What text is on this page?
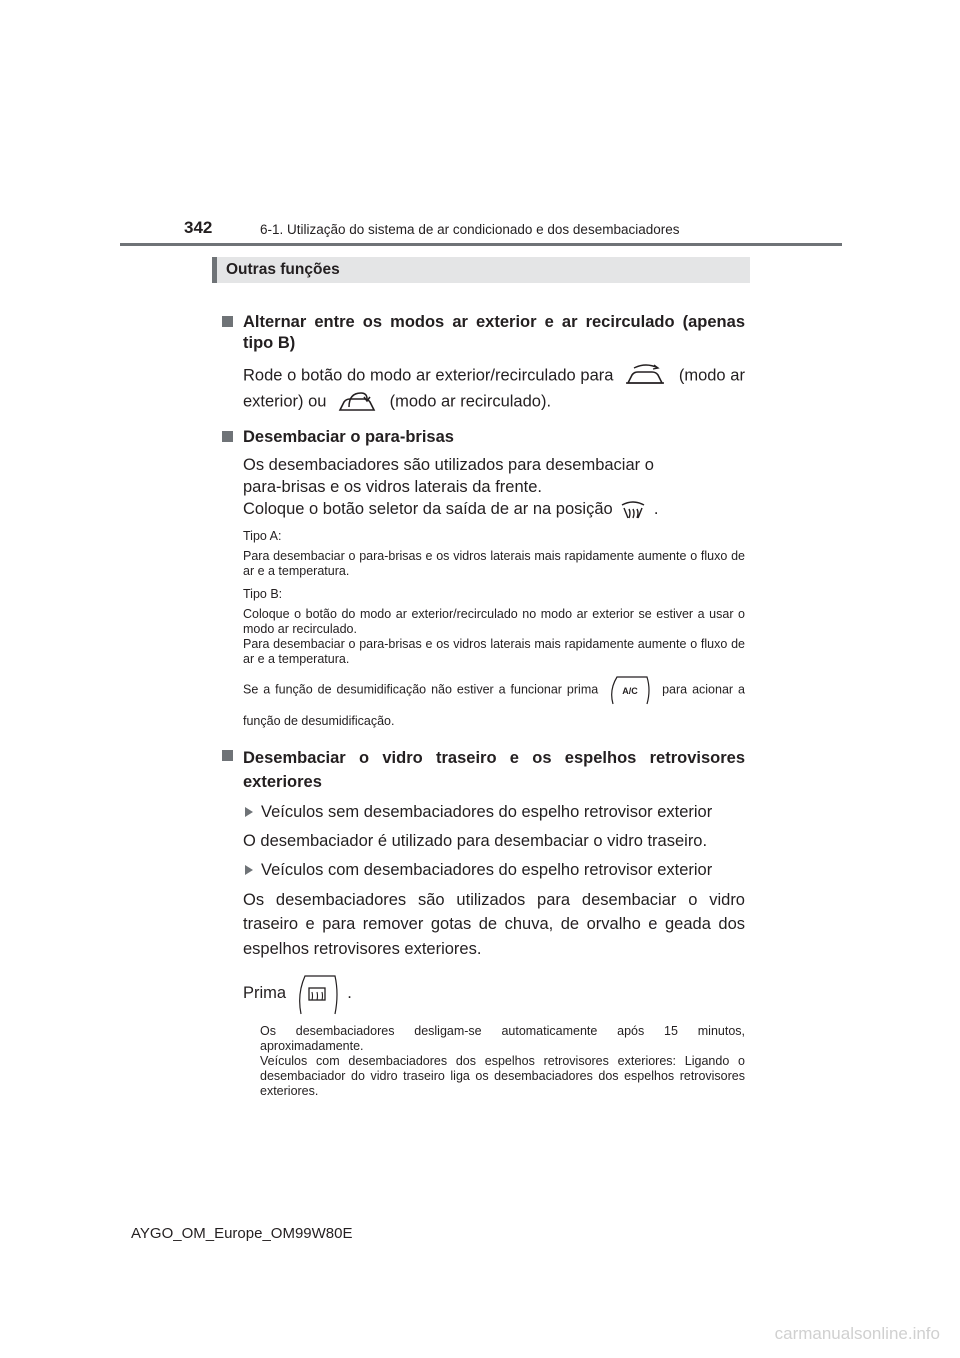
342	6-1. Utilização do sistema de ar condicionado e dos desembaciadores
Outras funções
Alternar entre os modos ar exterior e ar recirculado (apenas tipo B)
Rode o botão do modo ar exterior/recirculado para	(modo ar exterior) ou	(modo ar recirculado).
Desembaciar o para-brisas
Os desembaciadores são utilizados para desembaciar o
para-brisas e os vidros laterais da frente.
Coloque o botão seletor da saída de ar na posição .
Tipo A:
Para desembaciar o para-brisas e os vidros laterais mais rapidamente aumente o fluxo de ar e a temperatura.
Tipo B:
Coloque o botão do modo ar exterior/recirculado no modo ar exterior se estiver a usar o modo ar recirculado.
Para desembaciar o para-brisas e os vidros laterais mais rapidamente aumente o fluxo de ar e a temperatura.
Se a função de desumidificação não estiver a funcionar prima	A/C para acionar a função de desumidificação.
Desembaciar o vidro traseiro e os espelhos retrovisores exteriores
Veículos sem desembaciadores do espelho retrovisor exterior
O desembaciador é utilizado para desembaciar o vidro traseiro.
Veículos com desembaciadores do espelho retrovisor exterior
Os desembaciadores são utilizados para desembaciar o vidro traseiro e para remover gotas de chuva, de orvalho e geada dos espelhos retrovisores exteriores.
Prima	.
Os desembaciadores desligam-se automaticamente após 15 minutos, aproximadamente.
Veículos com desembaciadores dos espelhos retrovisores exteriores: Ligando o desembaciador do vidro traseiro liga os desembaciadores dos espelhos retrovisores exteriores.
AYGO_OM_Europe_OM99W80E
carmanualsonline.info
